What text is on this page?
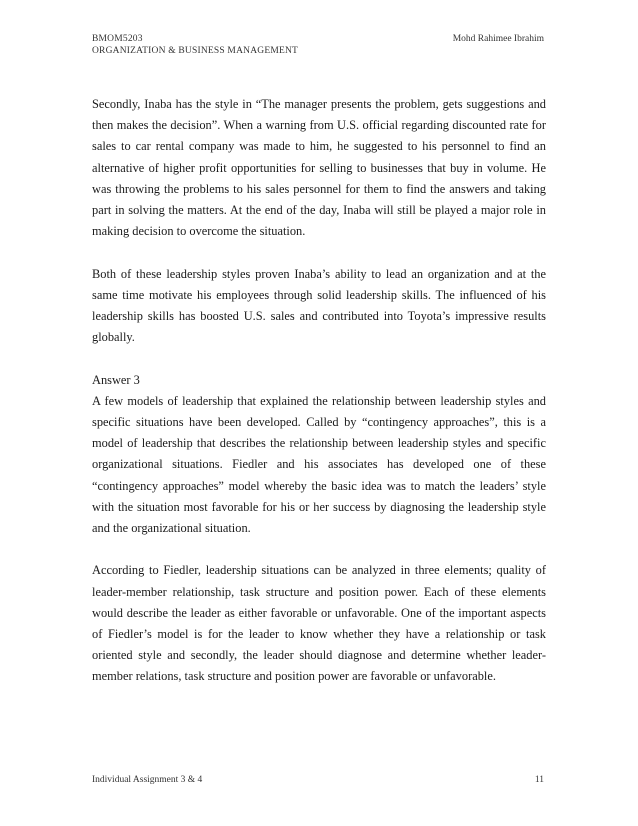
BMOM5203
ORGANIZATION & BUSINESS MANAGEMENT
Mohd Rahimee Ibrahim

Secondly, Inaba has the style in “The manager presents the problem, gets suggestions and then makes the decision”. When a warning from U.S. official regarding discounted rate for sales to car rental company was made to him, he suggested to his personnel to find an alternative of higher profit opportunities for selling to businesses that buy in volume. He was throwing the problems to his sales personnel for them to find the answers and taking part in solving the matters. At the end of the day, Inaba will still be played a major role in making decision to overcome the situation.

Both of these leadership styles proven Inaba’s ability to lead an organization and at the same time motivate his employees through solid leadership skills. The influenced of his leadership skills has boosted U.S. sales and contributed into Toyota’s impressive results globally.

Answer 3

A few models of leadership that explained the relationship between leadership styles and specific situations have been developed. Called by “contingency approaches”, this is a model of leadership that describes the relationship between leadership styles and specific organizational situations. Fiedler and his associates has developed one of these “contingency approaches” model whereby the basic idea was to match the leaders’ style with the situation most favorable for his or her success by diagnosing the leadership style and the organizational situation.

According to Fiedler, leadership situations can be analyzed in three elements; quality of leader-member relationship, task structure and position power. Each of these elements would describe the leader as either favorable or unfavorable. One of the important aspects of Fiedler’s model is for the leader to know whether they have a relationship or task oriented style and secondly, the leader should diagnose and determine whether leader-member relations, task structure and position power are favorable or unfavorable.

Individual Assignment 3 & 4	11
